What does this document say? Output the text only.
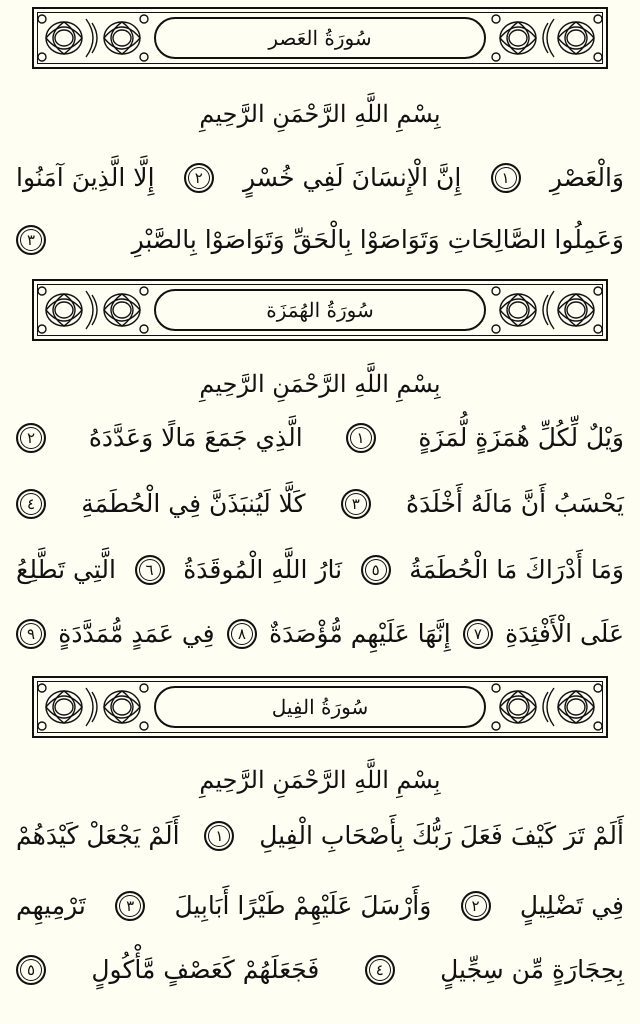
سُورَةُ العَصر
بِسْمِ اللَّهِ الرَّحْمَنِ الرَّحِيمِ
وَالْعَصْرِ
١
إِنَّ الْإِنسَانَ لَفِي خُسْرٍ
٢
إِلَّا الَّذِينَ آمَنُوا
وَعَمِلُوا الصَّالِحَاتِ وَتَوَاصَوْا بِالْحَقِّ وَتَوَاصَوْا بِالصَّبْرِ
٣
سُورَةُ الهُمَزَة
بِسْمِ اللَّهِ الرَّحْمَنِ الرَّحِيمِ
وَيْلٌ لِّكُلِّ هُمَزَةٍ لُّمَزَةٍ
١
الَّذِي جَمَعَ مَالًا وَعَدَّدَهُ
٢
يَحْسَبُ أَنَّ مَالَهُ أَخْلَدَهُ
٣
كَلَّا لَيُنبَذَنَّ فِي الْحُطَمَةِ
٤
وَمَا أَدْرَاكَ مَا الْحُطَمَةُ
٥
نَارُ اللَّهِ الْمُوقَدَةُ
٦
الَّتِي تَطَّلِعُ
عَلَى الْأَفْئِدَةِ
٧
إِنَّهَا عَلَيْهِم مُّؤْصَدَةٌ
٨
فِي عَمَدٍ مُّمَدَّدَةٍ
٩
سُورَةُ الفِيل
بِسْمِ اللَّهِ الرَّحْمَنِ الرَّحِيمِ
أَلَمْ تَرَ كَيْفَ فَعَلَ رَبُّكَ بِأَصْحَابِ الْفِيلِ
١
أَلَمْ يَجْعَلْ كَيْدَهُمْ
فِي تَضْلِيلٍ
٢
وَأَرْسَلَ عَلَيْهِمْ طَيْرًا أَبَابِيلَ
٣
تَرْمِيهِم
بِحِجَارَةٍ مِّن سِجِّيلٍ
٤
فَجَعَلَهُمْ كَعَصْفٍ مَّأْكُولٍ
٥
